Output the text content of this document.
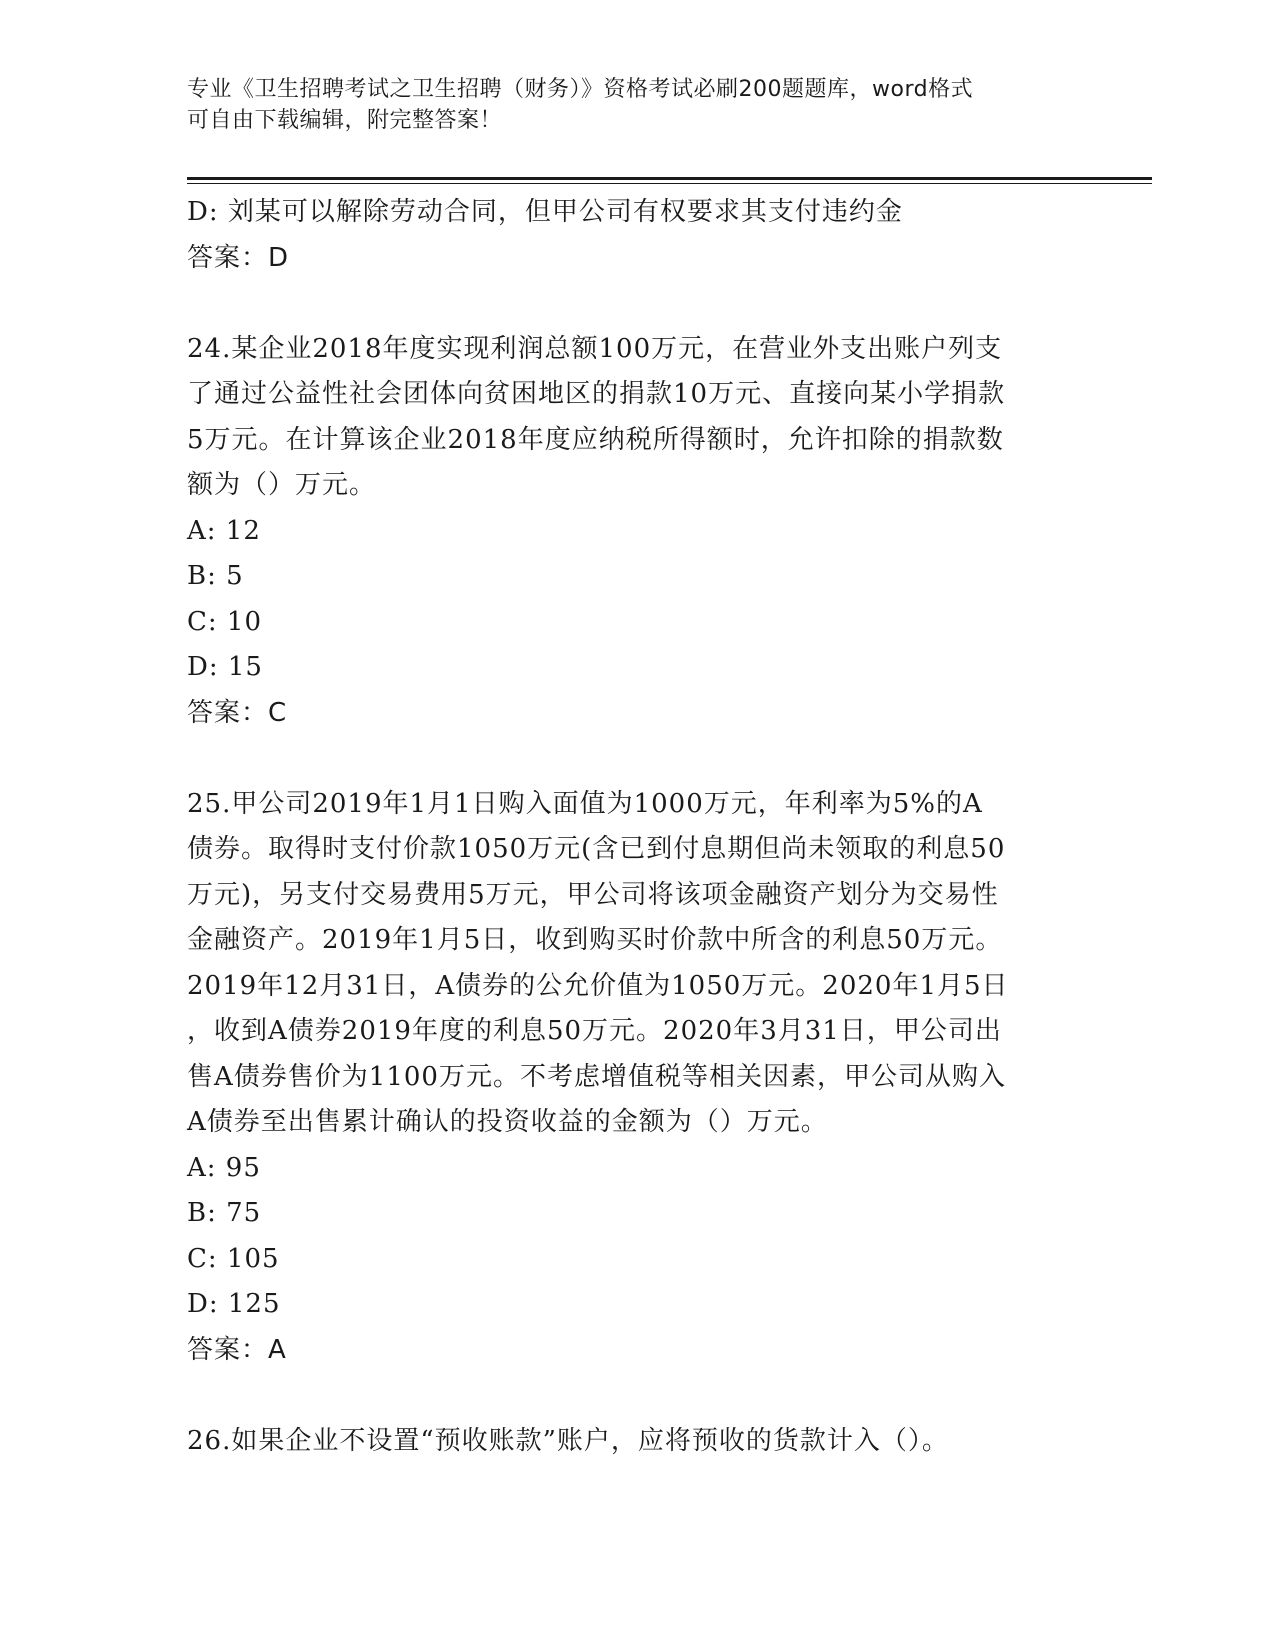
专业《卫生招聘考试之卫生招聘（财务）》资格考试必刷200题题库，word格式
可自由下载编辑，附完整答案！
D: 刘某可以解除劳动合同，但甲公司有权要求其支付违约金
答案：D
24.某企业2018年度实现利润总额100万元，在营业外支出账户列支
了通过公益性社会团体向贫困地区的捐款10万元、直接向某小学捐款
5万元。在计算该企业2018年度应纳税所得额时，允许扣除的捐款数
额为（）万元。
A: 12
B: 5
C: 10
D: 15
答案：C
25.甲公司2019年1月1日购入面值为1000万元，年利率为5%的A
债券。取得时支付价款1050万元(含已到付息期但尚未领取的利息50
万元)，另支付交易费用5万元，甲公司将该项金融资产划分为交易性
金融资产。2019年1月5日，收到购买时价款中所含的利息50万元。
2019年12月31日，A债券的公允价值为1050万元。2020年1月5日
，收到A债券2019年度的利息50万元。2020年3月31日，甲公司出
售A债券售价为1100万元。不考虑增值税等相关因素，甲公司从购入
A债券至出售累计确认的投资收益的金额为（）万元。
A: 95
B: 75
C: 105
D: 125
答案：A
26.如果企业不设置“预收账款”账户，应将预收的货款计入（）。
